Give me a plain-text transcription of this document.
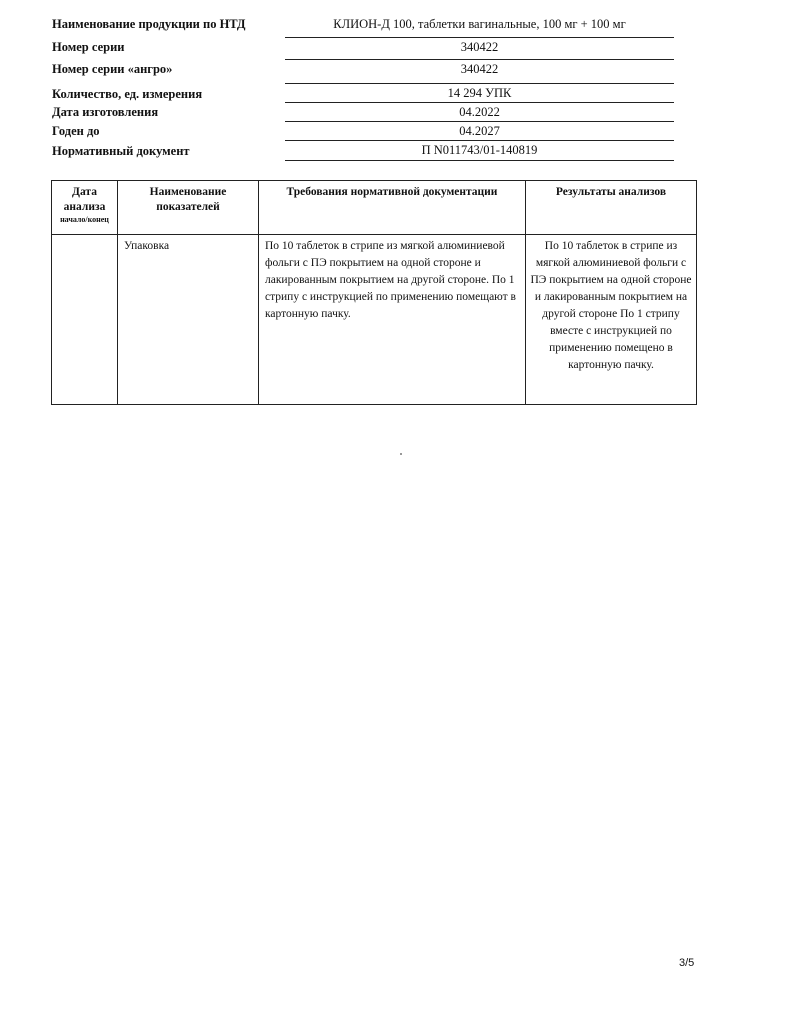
Наименование продукции по НТД	КЛИОН-Д 100, таблетки вагинальные, 100 мг + 100 мг
Номер серии	340422
Номер серии «ангро»	340422
Количество, ед. измерения	14 294 УПК
Дата изготовления	04.2022
Годен до	04.2027
Нормативный документ	П N011743/01-140819
Дата анализа
начало/конец	Наименование показателей	Требования нормативной документации	Результаты анализов
	Упаковка	По 10 таблеток в стрипе из мягкой алюминиевой фольги с ПЭ покрытием на одной стороне и лакированным покрытием на другой стороне. По 1 стрипу с инструкцией по применению помещают в картонную пачку.	По 10 таблеток в стрипе из мягкой алюминиевой фольги с ПЭ покрытием на одной стороне и лакированным покрытием на другой стороне По 1 стрипу вместе с инструкцией по применению помещено в картонную пачку.
3/5
